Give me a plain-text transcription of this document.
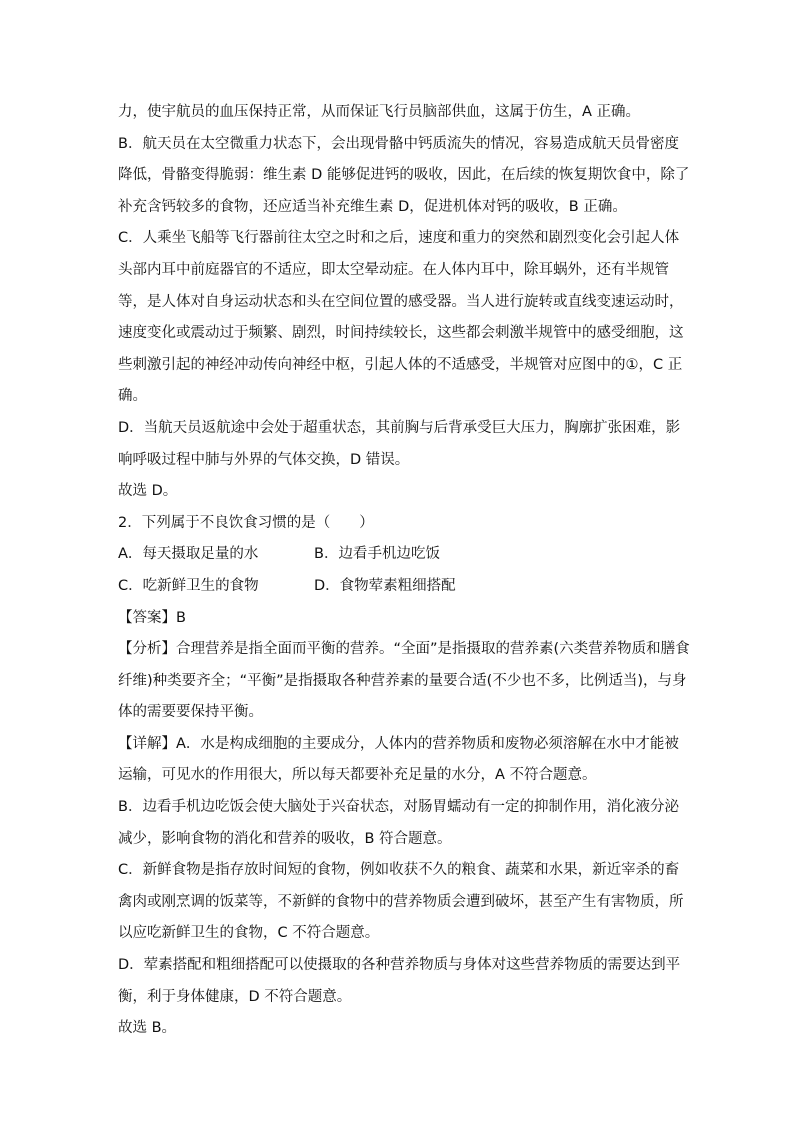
力，使宇航员的血压保持正常，从而保证飞行员脑部供血，这属于仿生，A 正确。
B．航天员在太空微重力状态下，会出现骨骼中钙质流失的情况，容易造成航天员骨密度
降低，骨骼变得脆弱：维生素 D 能够促进钙的吸收，因此，在后续的恢复期饮食中，除了
补充含钙较多的食物，还应适当补充维生素 D，促进机体对钙的吸收，B 正确。
C．人乘坐飞船等飞行器前往太空之时和之后，速度和重力的突然和剧烈变化会引起人体
头部内耳中前庭器官的不适应，即太空晕动症。在人体内耳中，除耳蜗外，还有半规管
等，是人体对自身运动状态和头在空间位置的感受器。当人进行旋转或直线变速运动时，
速度变化或震动过于频繁、剧烈，时间持续较长，这些都会刺激半规管中的感受细胞，这
些刺激引起的神经冲动传向神经中枢，引起人体的不适感受，半规管对应图中的①，C 正
确。
D．当航天员返航途中会处于超重状态，其前胸与后背承受巨大压力，胸廓扩张困难，影
响呼吸过程中肺与外界的气体交换，D 错误。
故选 D。
2．下列属于不良饮食习惯的是（　　）
A．每天摄取足量的水	B．边看手机边吃饭
C．吃新鲜卫生的食物	D．食物荤素粗细搭配
【答案】B
【分析】合理营养是指全面而平衡的营养。“全面”是指摄取的营养素(六类营养物质和膳食
纤维)种类要齐全；“平衡”是指摄取各种营养素的量要合适(不少也不多，比例适当)，与身
体的需要要保持平衡。
【详解】A．水是构成细胞的主要成分，人体内的营养物质和废物必须溶解在水中才能被
运输，可见水的作用很大，所以每天都要补充足量的水分，A 不符合题意。
B．边看手机边吃饭会使大脑处于兴奋状态，对肠胃蠕动有一定的抑制作用，消化液分泌
减少，影响食物的消化和营养的吸收，B 符合题意。
C．新鲜食物是指存放时间短的食物，例如收获不久的粮食、蔬菜和水果，新近宰杀的畜
禽肉或刚烹调的饭菜等，不新鲜的食物中的营养物质会遭到破坏，甚至产生有害物质，所
以应吃新鲜卫生的食物，C 不符合题意。
D．荤素搭配和粗细搭配可以使摄取的各种营养物质与身体对这些营养物质的需要达到平
衡，利于身体健康，D 不符合题意。
故选 B。
